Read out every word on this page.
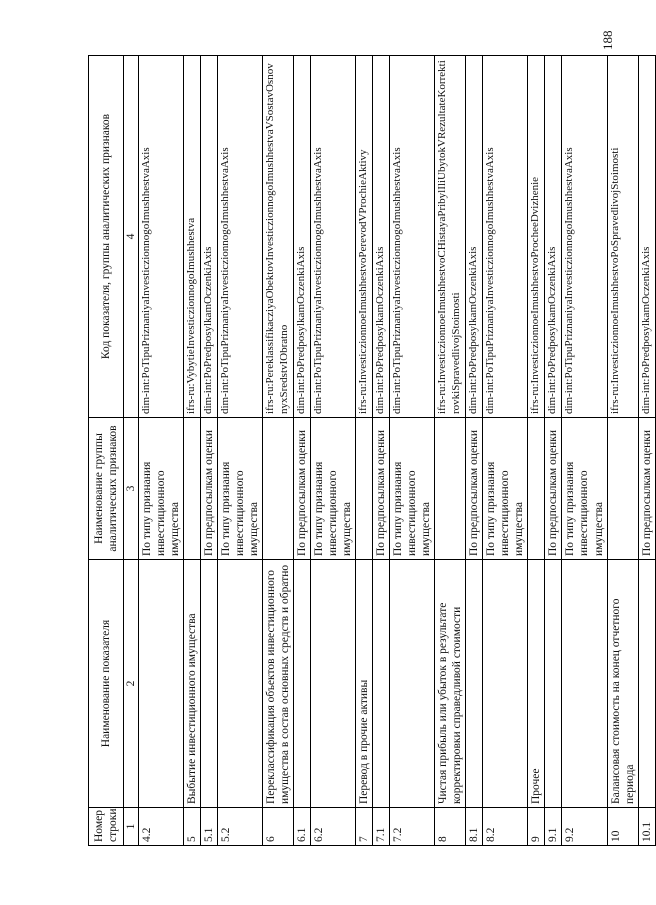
188
Номер строки	Наименование показателя	Наименование группы аналитических признаков	Код показателя, группы аналитических признаков
1	2	3	4
4.2		По типу признания инвестиционного имущества	dim-int:PoTipuPriznaniyaInvesticzionnogoImushhestvaAxis
5	Выбытие инвестиционного имущества		ifrs-ru:VybytieInvesticzionnogoImushhestva
5.1		По предпосылкам оценки	dim-int:PoPredposylkamOczenkiAxis
5.2		По типу признания инвестиционного имущества	dim-int:PoTipuPriznaniyaInvesticzionnogoImushhestvaAxis
6	Переклассификация объектов инвестиционного имущества в состав основных средств и обратно		ifrs-ru:PereklassifikacziyaObektovInvesticzionnogoImushhestvaVSostavOsnovnyxSredstvIObratno
6.1		По предпосылкам оценки	dim-int:PoPredposylkamOczenkiAxis
6.2		По типу признания инвестиционного имущества	dim-int:PoTipuPriznaniyaInvesticzionnogoImushhestvaAxis
7	Перевод в прочие активы		ifrs-ru:InvesticzionnoeImushhestvoPerevodVProchieAktivy
7.1		По предпосылкам оценки	dim-int:PoPredposylkamOczenkiAxis
7.2		По типу признания инвестиционного имущества	dim-int:PoTipuPriznaniyaInvesticzionnogoImushhestvaAxis
8	Чистая прибыль или убыток в результате корректировки справедливой стоимости		ifrs-ru:InvesticzionnoeImushhestvoCHistayaPribylIliUbytokVRezultateKorrektirovkiSpravedlivojStoimosti
8.1		По предпосылкам оценки	dim-int:PoPredposylkamOczenkiAxis
8.2		По типу признания инвестиционного имущества	dim-int:PoTipuPriznaniyaInvesticzionnogoImushhestvaAxis
9	Прочее		ifrs-ru:InvesticzionnoeImushhestvoProcheeDvizhenie
9.1		По предпосылкам оценки	dim-int:PoPredposylkamOczenkiAxis
9.2		По типу признания инвестиционного имущества	dim-int:PoTipuPriznaniyaInvesticzionnogoImushhestvaAxis
10	Балансовая стоимость на конец отчетного периода		ifrs-ru:InvesticzionnoeImushhestvoPoSpravedlivojStoimosti
10.1		По предпосылкам оценки	dim-int:PoPredposylkamOczenkiAxis
